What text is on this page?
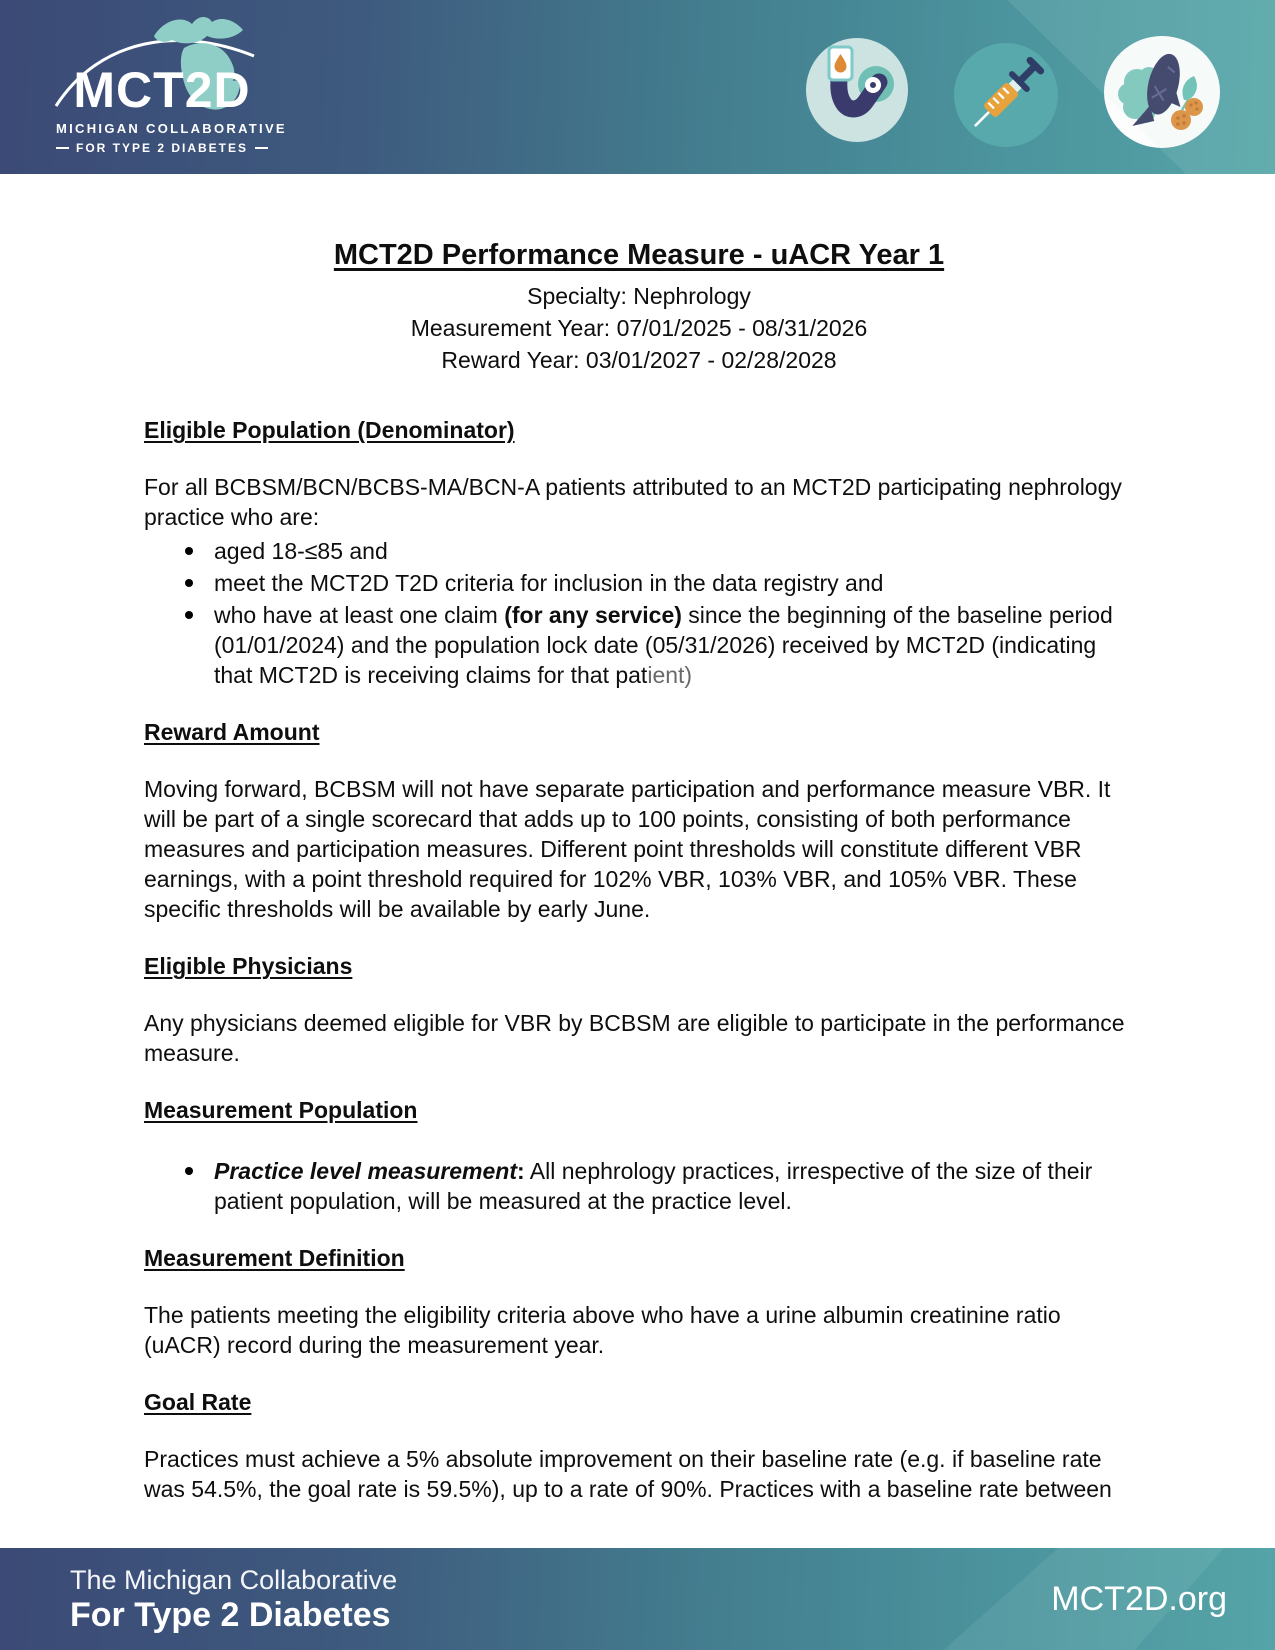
MCT2D
MICHIGAN COLLABORATIVE
FOR TYPE 2 DIABETES
MCT2D Performance Measure - uACR Year 1
Specialty: Nephrology
Measurement Year: 07/01/2025 - 08/31/2026
Reward Year: 03/01/2027 - 02/28/2028
Eligible Population (Denominator)

For all BCBSM/BCN/BCBS-MA/BCN-A patients attributed to an MCT2D participating nephrology practice who are:

aged 18-≤85 and
meet the MCT2D T2D criteria for inclusion in the data registry and
who have at least one claim (for any service) since the beginning of the baseline period (01/01/2024) and the population lock date (05/31/2026) received by MCT2D (indicating that MCT2D is receiving claims for that patient)
Reward Amount

Moving forward, BCBSM will not have separate participation and performance measure VBR. It will be part of a single scorecard that adds up to 100 points, consisting of both performance measures and participation measures. Different point thresholds will constitute different VBR earnings, with a point threshold required for 102% VBR, 103% VBR, and 105% VBR. These specific thresholds will be available by early June.

Eligible Physicians

Any physicians deemed eligible for VBR by BCBSM are eligible to participate in the performance measure.

Measurement Population
Practice level measurement: All nephrology practices, irrespective of the size of their patient population, will be measured at the practice level.
Measurement Definition

The patients meeting the eligibility criteria above who have a urine albumin creatinine ratio (uACR) record during the measurement year.

Goal Rate

Practices must achieve a 5% absolute improvement on their baseline rate (e.g. if baseline rate was 54.5%, the goal rate is 59.5%), up to a rate of 90%. Practices with a baseline rate between

The Michigan Collaborative
For Type 2 Diabetes	MCT2D.org
